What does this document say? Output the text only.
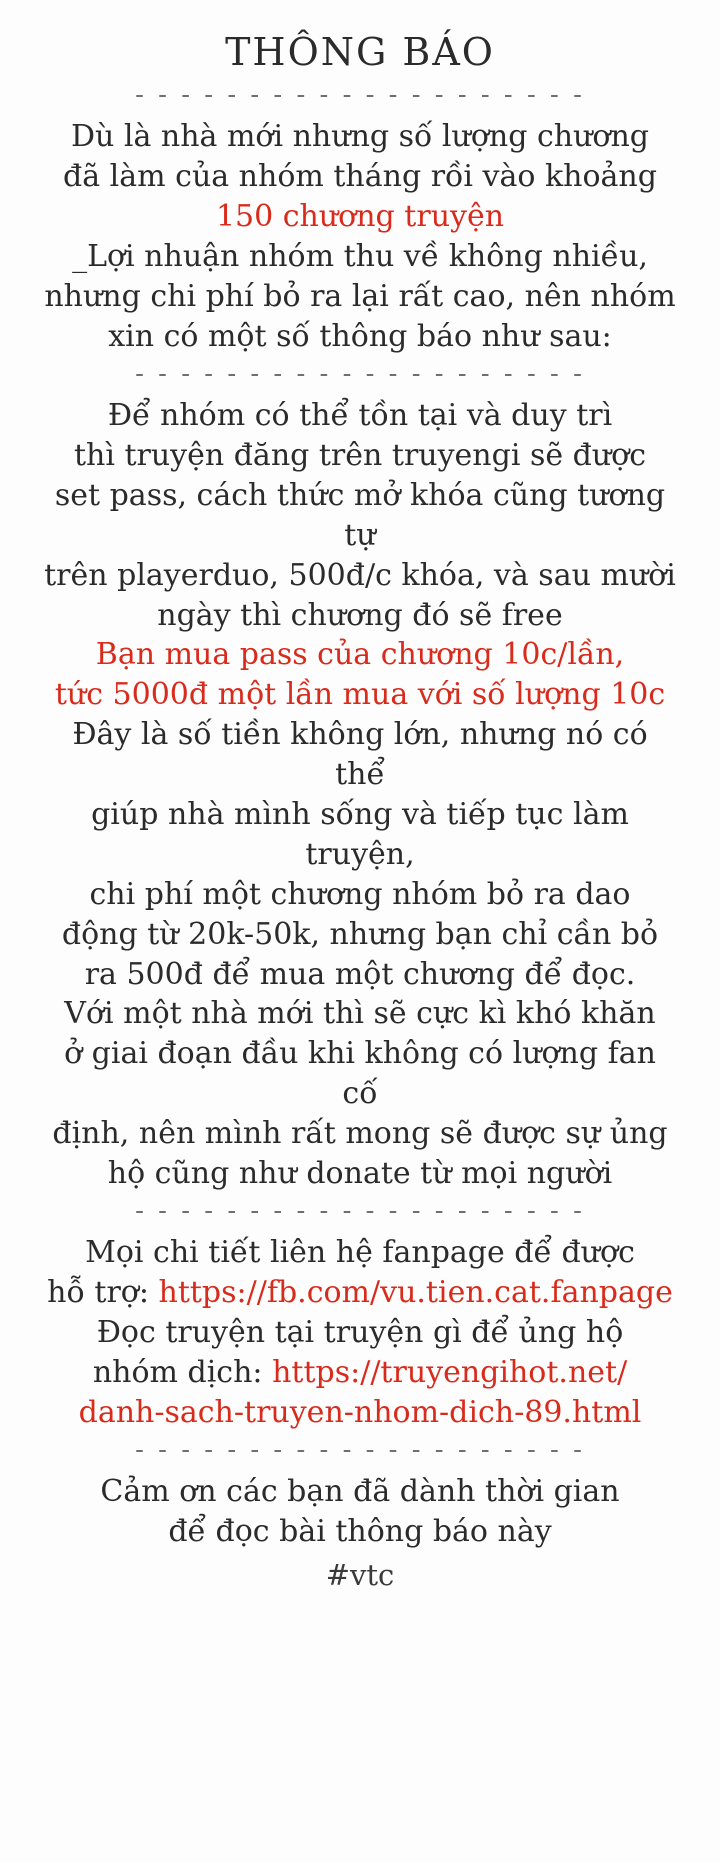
THÔNG BÁO
- - - - - - - - - - - - - - - - - - - -
Dù là nhà mới nhưng số lượng chương
đã làm của nhóm tháng rồi vào khoảng
150 chương truyện
_Lợi nhuận nhóm thu về không nhiều,
nhưng chi phí bỏ ra lại rất cao, nên nhóm
xin có một số thông báo như sau:
- - - - - - - - - - - - - - - - - - - -
Để nhóm có thể tồn tại và duy trì
thì truyện đăng trên truyengi sẽ được
set pass, cách thức mở khóa cũng tương tự
trên playerduo, 500đ/c khóa, và sau mười
ngày thì chương đó sẽ free
Bạn mua pass của chương 10c/lần,
tức 5000đ một lần mua với số lượng 10c
Đây là số tiền không lớn, nhưng nó có thể
giúp nhà mình sống và tiếp tục làm truyện,
chi phí một chương nhóm bỏ ra dao
động từ 20k-50k, nhưng bạn chỉ cần bỏ
ra 500đ để mua một chương để đọc.
Với một nhà mới thì sẽ cực kì khó khăn
ở giai đoạn đầu khi không có lượng fan cố
định, nên mình rất mong sẽ được sự ủng
hộ cũng như donate từ mọi người
- - - - - - - - - - - - - - - - - - - -
Mọi chi tiết liên hệ fanpage để được
hỗ trợ: https://fb.com/vu.tien.cat.fanpage
Đọc truyện tại truyện gì để ủng hộ
nhóm dịch: https://truyengihot.net/
danh-sach-truyen-nhom-dich-89.html
- - - - - - - - - - - - - - - - - - - -
Cảm ơn các bạn đã dành thời gian
để đọc bài thông báo này
#vtc
